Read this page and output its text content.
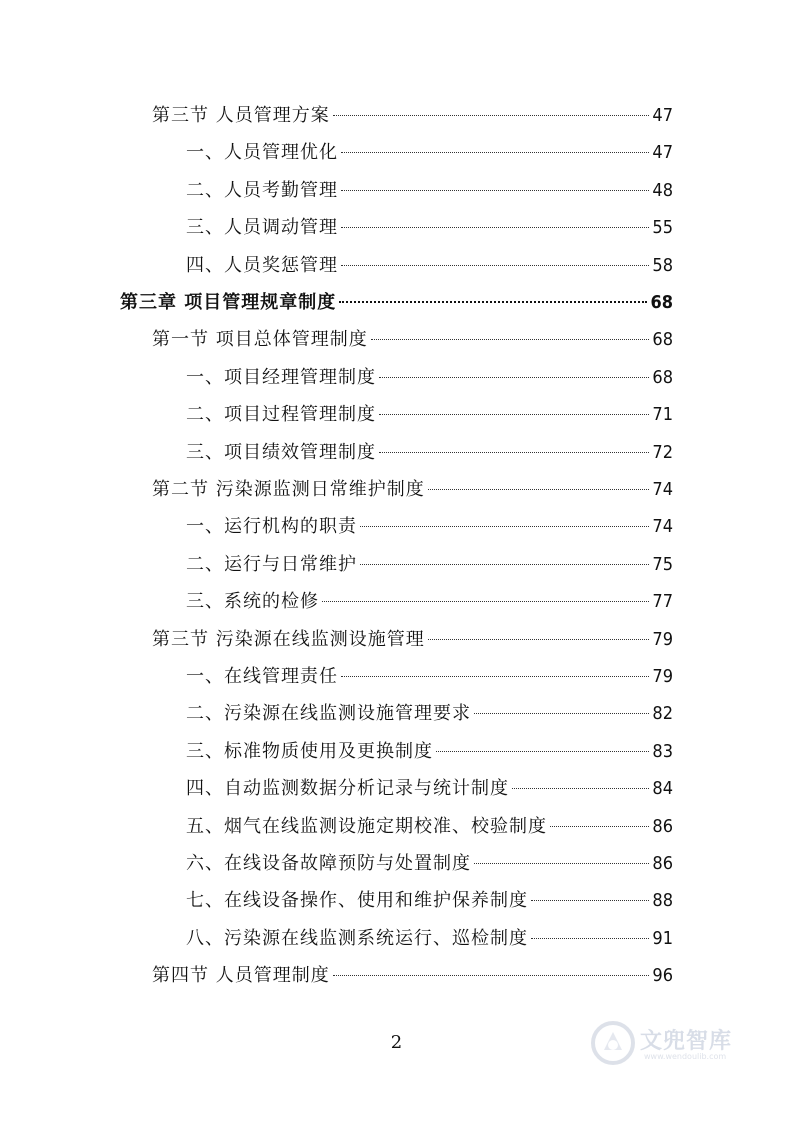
第三节 人员管理方案	47
一、人员管理优化	47
二、人员考勤管理	48
三、人员调动管理	55
四、人员奖惩管理	58
第三章 项目管理规章制度	68
第一节 项目总体管理制度	68
一、项目经理管理制度	68
二、项目过程管理制度	71
三、项目绩效管理制度	72
第二节 污染源监测日常维护制度	74
一、运行机构的职责	74
二、运行与日常维护	75
三、系统的检修	77
第三节 污染源在线监测设施管理	79
一、在线管理责任	79
二、污染源在线监测设施管理要求	82
三、标准物质使用及更换制度	83
四、自动监测数据分析记录与统计制度	84
五、烟气在线监测设施定期校准、校验制度	86
六、在线设备故障预防与处置制度	86
七、在线设备操作、使用和维护保养制度	88
八、污染源在线监测系统运行、巡检制度	91
第四节 人员管理制度	96
2	文兜智库
www.wendoulib.com
